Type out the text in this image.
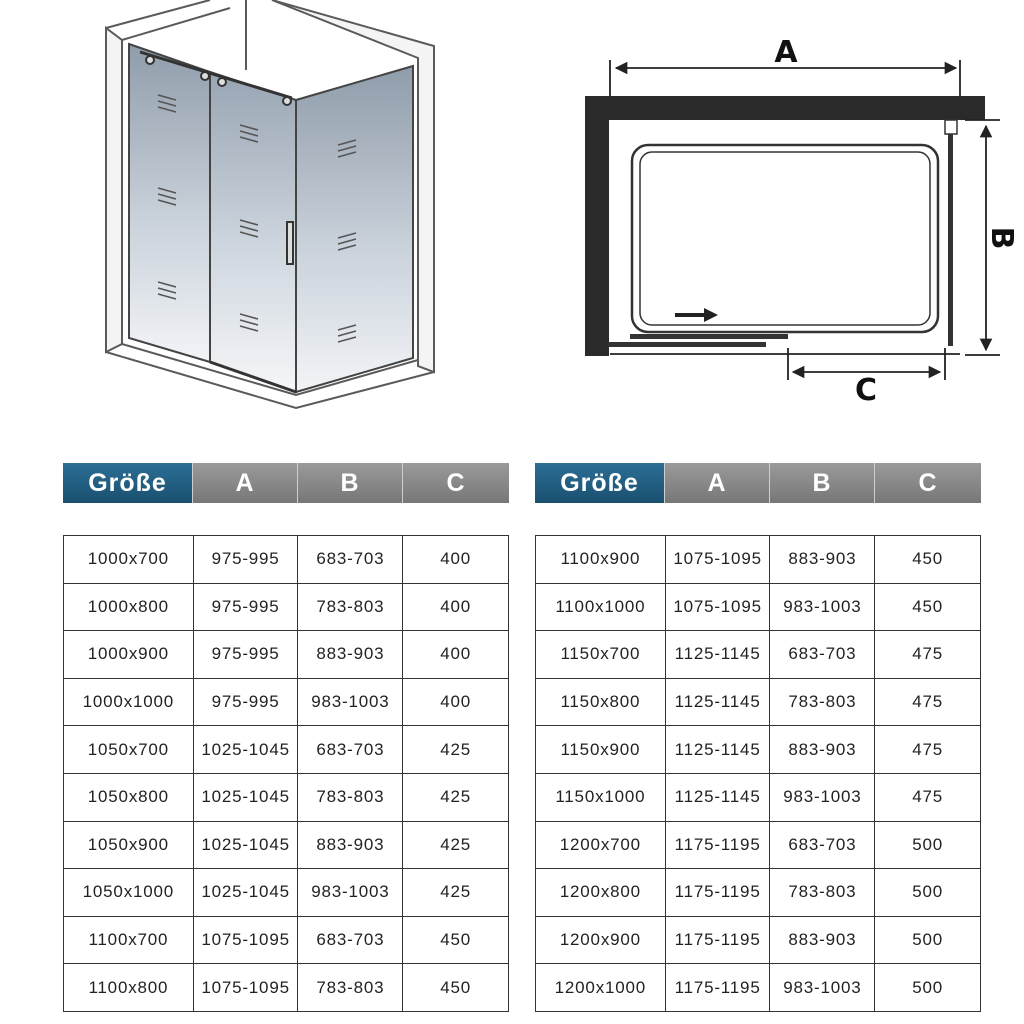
A
B
C
Größe	A	B	C
1000x700	975-995	683-703	400
1000x800	975-995	783-803	400
1000x900	975-995	883-903	400
1000x1000	975-995	983-1003	400
1050x700	1025-1045	683-703	425
1050x800	1025-1045	783-803	425
1050x900	1025-1045	883-903	425
1050x1000	1025-1045	983-1003	425
1100x700	1075-1095	683-703	450
1100x800	1075-1095	783-803	450
Größe	A	B	C
1100x900	1075-1095	883-903	450
1100x1000	1075-1095	983-1003	450
1150x700	1125-1145	683-703	475
1150x800	1125-1145	783-803	475
1150x900	1125-1145	883-903	475
1150x1000	1125-1145	983-1003	475
1200x700	1175-1195	683-703	500
1200x800	1175-1195	783-803	500
1200x900	1175-1195	883-903	500
1200x1000	1175-1195	983-1003	500
